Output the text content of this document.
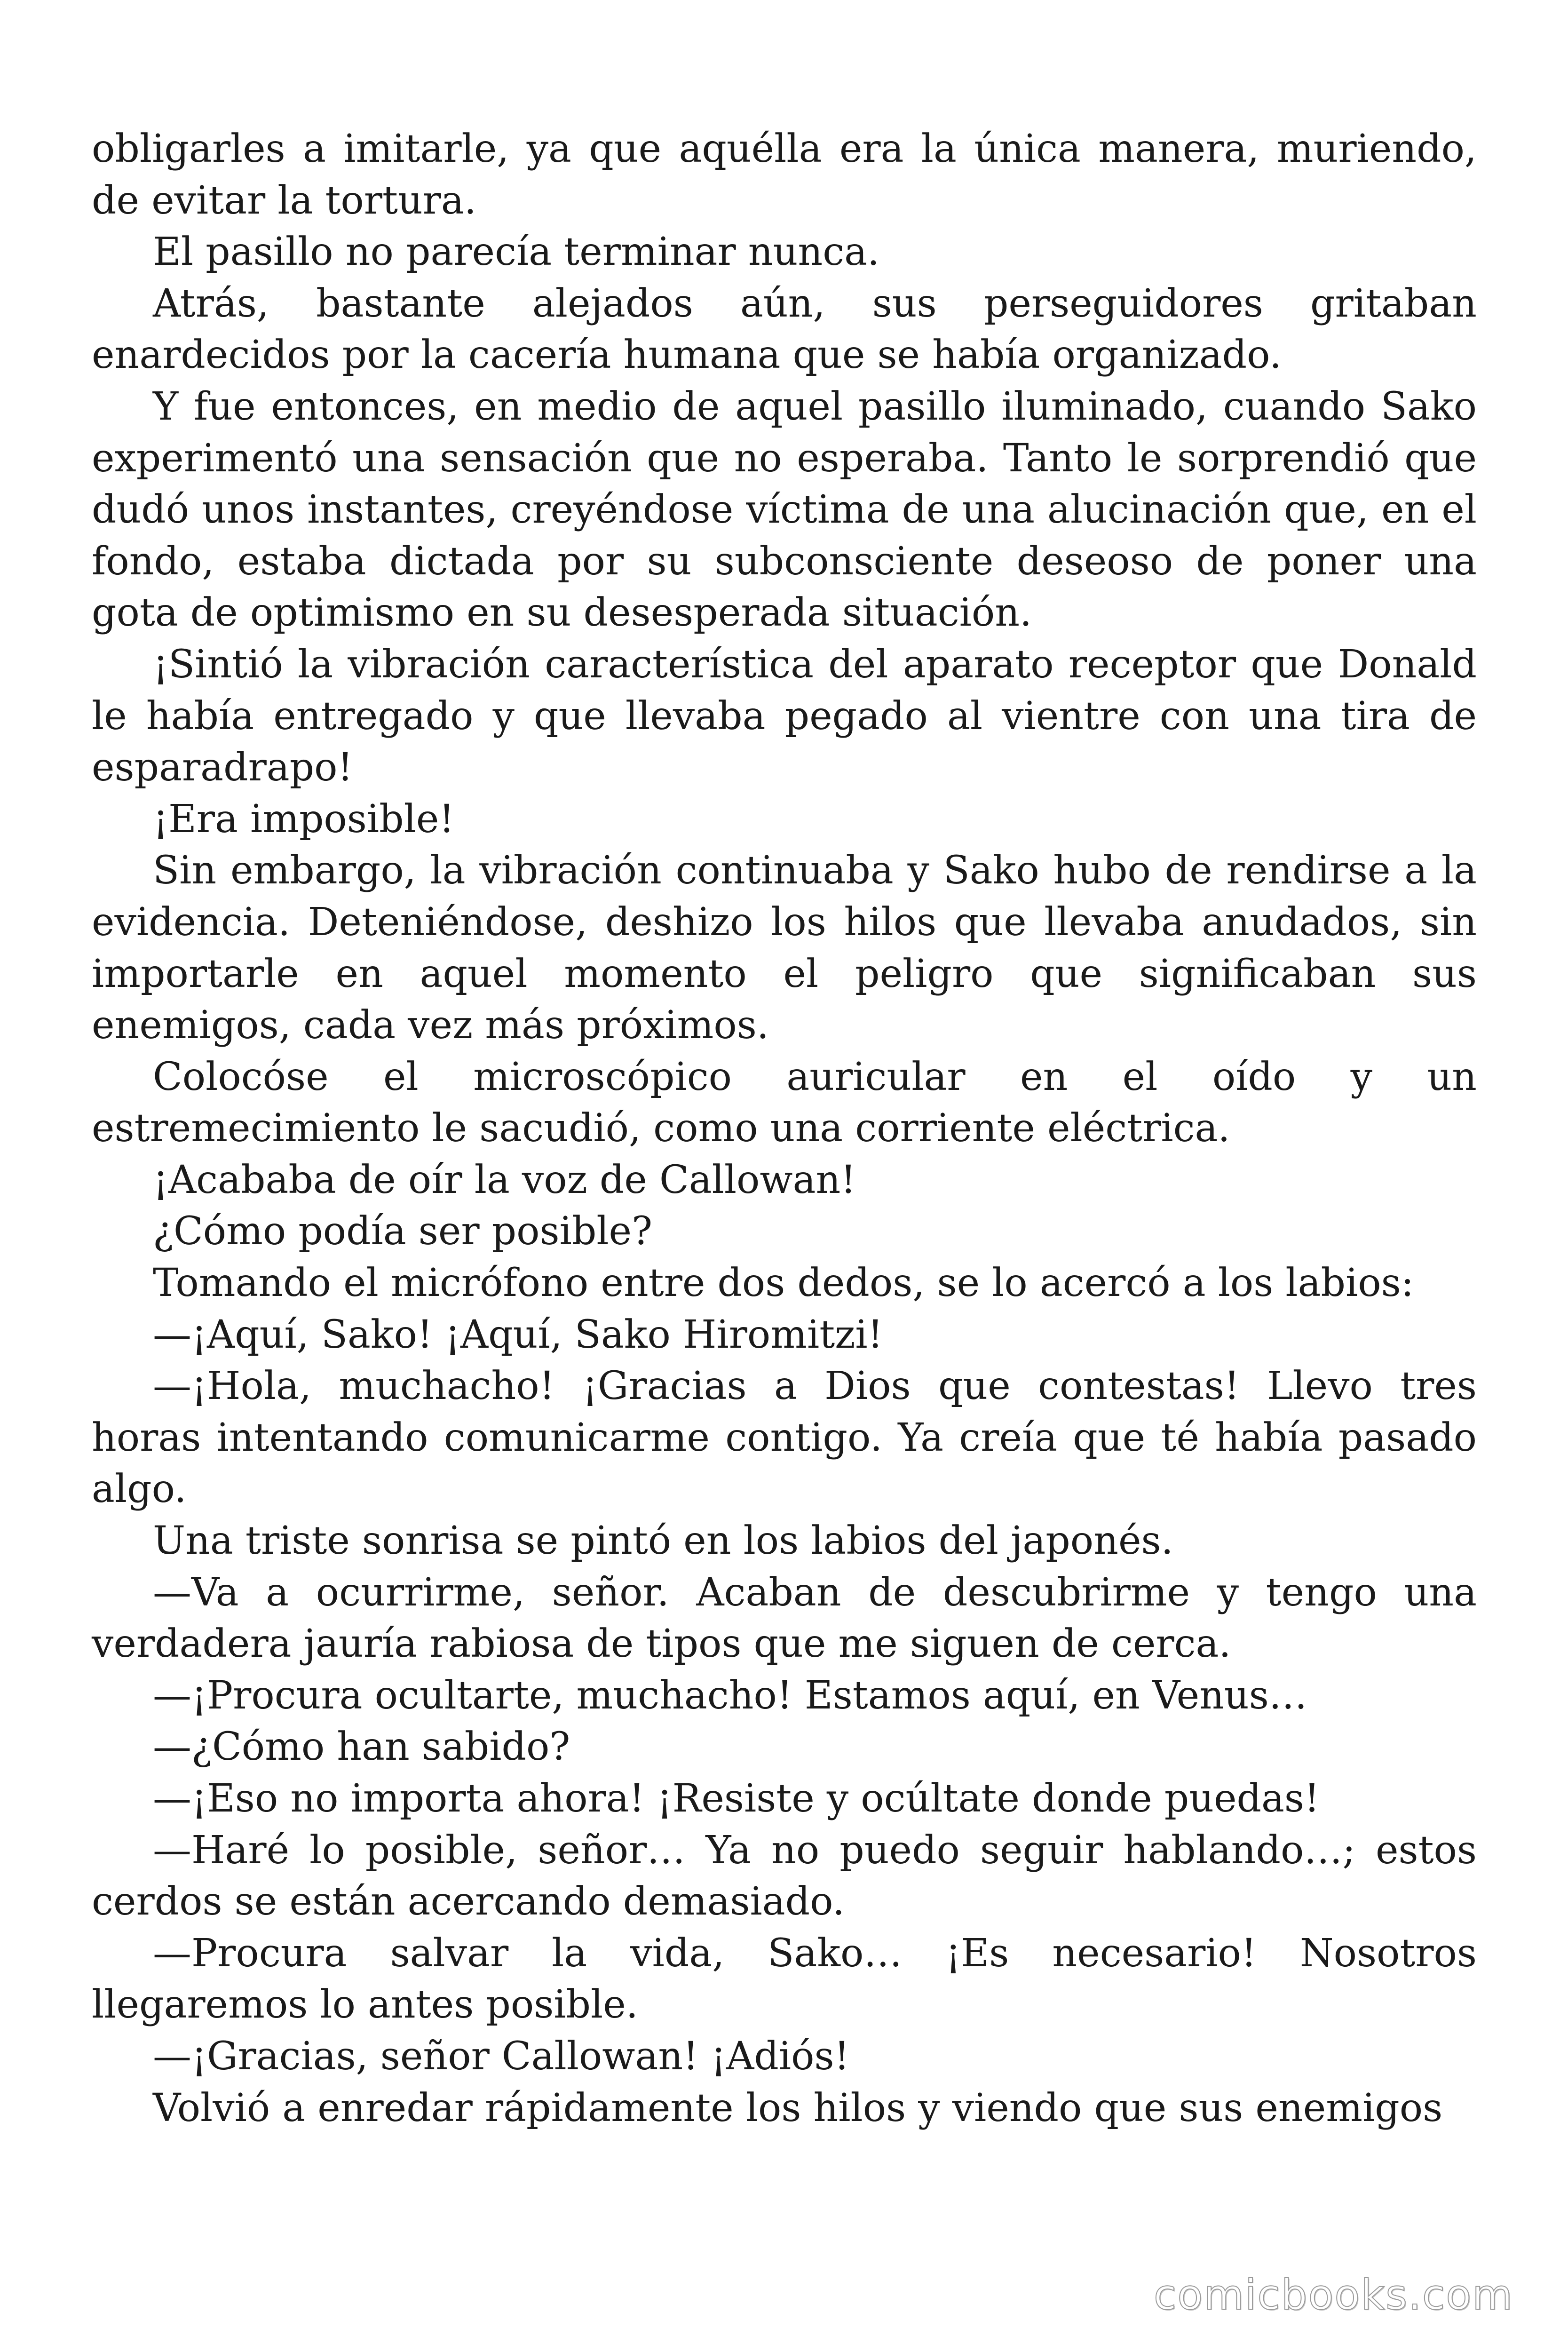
obligarles a imitarle, ya que aquélla era la única manera, muriendo, de evitar la tortura.

El pasillo no parecía terminar nunca.

Atrás, bastante alejados aún, sus perseguidores gritaban enardecidos por la cacería humana que se había organizado.

Y fue entonces, en medio de aquel pasillo iluminado, cuando Sako experimentó una sensación que no esperaba. Tanto le sorprendió que dudó unos instantes, creyéndose víctima de una alucinación que, en el fondo, estaba dictada por su subconsciente deseoso de poner una gota de optimismo en su desesperada situación.

¡Sintió la vibración característica del aparato receptor que Donald le había entregado y que llevaba pegado al vientre con una tira de esparadrapo!

¡Era imposible!

Sin embargo, la vibración continuaba y Sako hubo de rendirse a la evidencia. Deteniéndose, deshizo los hilos que llevaba anudados, sin importarle en aquel momento el peligro que significaban sus enemigos, cada vez más próximos.

Colocóse el microscópico auricular en el oído y un estremecimiento le sacudió, como una corriente eléctrica.

¡Acababa de oír la voz de Callowan!

¿Cómo podía ser posible?

Tomando el micrófono entre dos dedos, se lo acercó a los labios:

—¡Aquí, Sako! ¡Aquí, Sako Hiromitzi!

—¡Hola, muchacho! ¡Gracias a Dios que contestas! Llevo tres horas intentando comunicarme contigo. Ya creía que té había pasado algo.

Una triste sonrisa se pintó en los labios del japonés.

—Va a ocurrirme, señor. Acaban de descubrirme y tengo una verdadera jauría rabiosa de tipos que me siguen de cerca.

—¡Procura ocultarte, muchacho! Estamos aquí, en Venus…

—¿Cómo han sabido?

—¡Eso no importa ahora! ¡Resiste y ocúltate donde puedas!

—Haré lo posible, señor… Ya no puedo seguir hablando…; estos cerdos se están acercando demasiado.

—Procura salvar la vida, Sako… ¡Es necesario! Nosotros llegaremos lo antes posible.

—¡Gracias, señor Callowan! ¡Adiós!

Volvió a enredar rápidamente los hilos y viendo que sus enemigos

comicbooks.com
